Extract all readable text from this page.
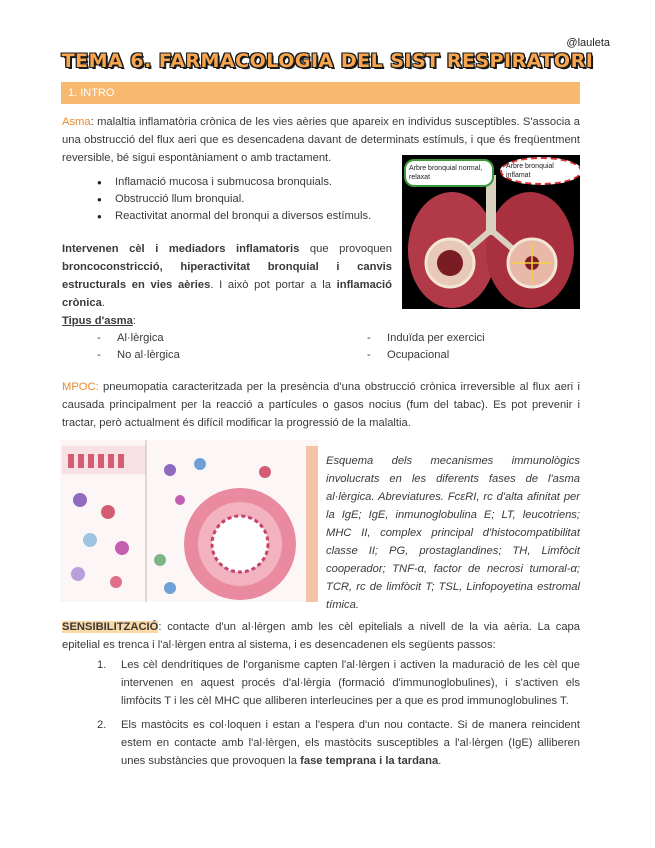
@lauleta
TEMA 6. FARMACOLOGIA DEL SIST RESPIRATORI
1. INTRO
Asma: malaltia inflamatòria crònica de les vies aèries que apareix en individus susceptibles. S'associa a una obstrucció del flux aeri que es desencadena davant de determinats estímuls, i que és freqüentment reversible, bé sigui espontàniament o amb tractament.
● Inflamació mucosa i submucosa bronquials.
● Obstrucció llum bronquial.
● Reactivitat anormal del bronqui a diversos estímuls.
Intervenen cèl i mediadors inflamatoris que provoquen broncoconstricció, hiperactivitat bronquial i canvis estructurals en vies aèries. I això pot portar a la inflamació crònica.
Arbre bronquial normal, relaxat
Arbre bronquial inflamat
Tipus d'asma:
- Al·lèrgica
- No al·lèrgica
- Induïda per exercici
- Ocupacional
MPOC: pneumopatia caracteritzada per la presència d'una obstrucció crònica irreversible al flux aeri i causada principalment per la reacció a partícules o gasos nocius (fum del tabac). Es pot prevenir i tractar, però actualment és difícil modificar la progressió de la malaltia.
Esquema dels mecanismes immunològics involucrats en les diferents fases de l'asma al·lèrgica. Abreviatures. FcεRI, rc d'alta afinitat per la IgE; IgE, inmunoglobulina E; LT, leucotriens; MHC II, complex principal d'histocompatibilitat classe II; PG, prostaglandines; TH, Limfòcit cooperador; TNF-α, factor de necrosi tumoral-α; TCR, rc de limfòcit T; TSL, Linfopoyetina estromal tímica.
SENSIBILITZACIÓ: contacte d'un al·lèrgen amb les cèl epitelials a nivell de la via aèria. La capa epitelial es trenca i l'al·lèrgen entra al sistema, i es desencadenen els següents passos:
1. Les cèl dendrítiques de l'organisme capten l'al·lèrgen i activen la maduració de les cèl que intervenen en aquest procés d'al·lèrgia (formació d'immunoglobulines), i s'activen els limfòcits T i les cèl MHC que alliberen interleucines per a que es prod immunoglobulines T.
2. Els mastòcits es col·loquen i estan a l'espera d'un nou contacte. Si de manera reincident estem en contacte amb l'al·lèrgen, els mastòcits susceptibles a l'al·lèrgen (IgE) alliberen unes substàncies que provoquen la fase temprana i la tardana.
